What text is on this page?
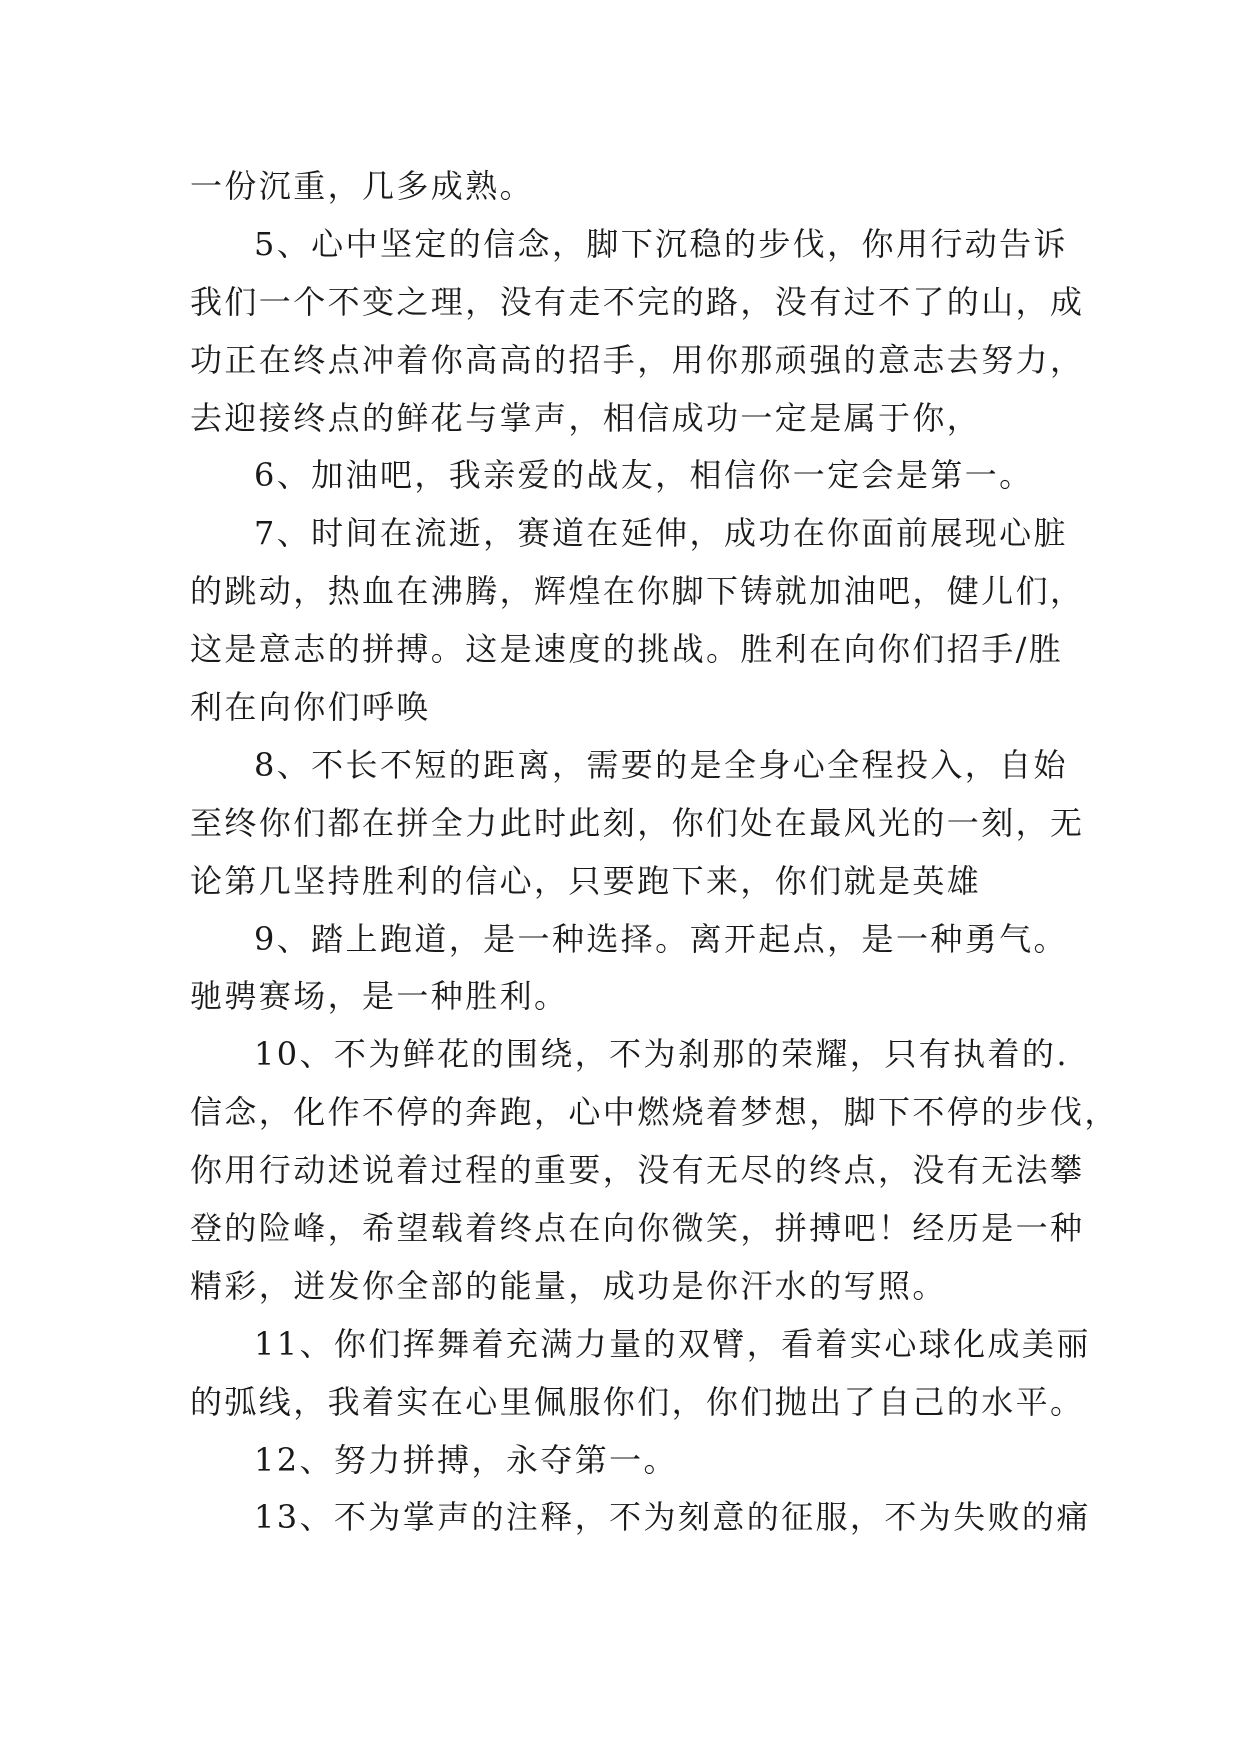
一份沉重，几多成熟。
5、心中坚定的信念，脚下沉稳的步伐，你用行动告诉
我们一个不变之理，没有走不完的路，没有过不了的山，成
功正在终点冲着你高高的招手，用你那顽强的意志去努力，
去迎接终点的鲜花与掌声，相信成功一定是属于你，
6、加油吧，我亲爱的战友，相信你一定会是第一。
7、时间在流逝，赛道在延伸，成功在你面前展现心脏
的跳动，热血在沸腾，辉煌在你脚下铸就加油吧，健儿们，
这是意志的拼搏。这是速度的挑战。胜利在向你们招手/胜
利在向你们呼唤
8、不长不短的距离，需要的是全身心全程投入，自始
至终你们都在拼全力此时此刻，你们处在最风光的一刻，无
论第几坚持胜利的信心，只要跑下来，你们就是英雄
9、踏上跑道，是一种选择。离开起点，是一种勇气。
驰骋赛场，是一种胜利。
10、不为鲜花的围绕，不为刹那的荣耀，只有执着的.
信念，化作不停的奔跑，心中燃烧着梦想，脚下不停的步伐，
你用行动述说着过程的重要，没有无尽的终点，没有无法攀
登的险峰，希望载着终点在向你微笑，拼搏吧！经历是一种
精彩，迸发你全部的能量，成功是你汗水的写照。
11、你们挥舞着充满力量的双臂，看着实心球化成美丽
的弧线，我着实在心里佩服你们，你们抛出了自己的水平。
12、努力拼搏，永夺第一。
13、不为掌声的注释，不为刻意的征服，不为失败的痛
